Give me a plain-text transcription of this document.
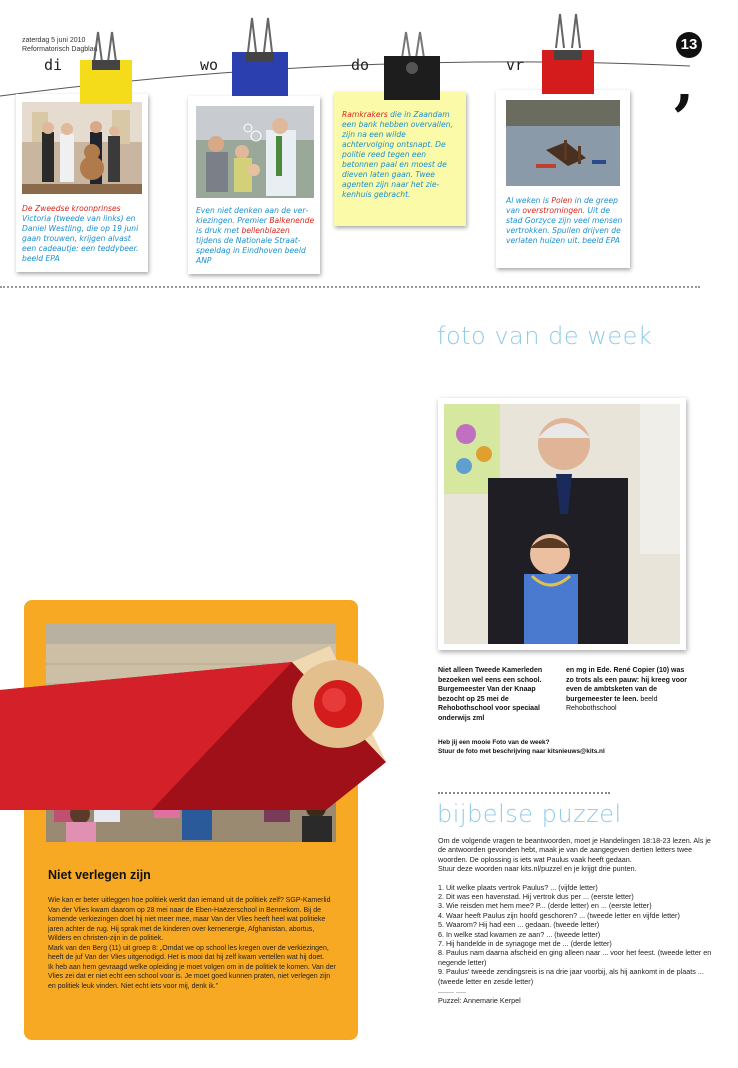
zaterdag 5 juni 2010
Reformatorisch Dagblad	13
,
di	wo	do	vr
De Zweedse kroonprinses Victoria (tweede van links) en Daniel Westling, die op 19 juni gaan trouwen, krijgen alvast een cadeautje: een teddybeer. beeld EPA
Even niet denken aan de verkiezingen. Premier Balkenende is druk met bellenblazen tijdens de Nationale Straatspeeldag in Eindhoven beeld ANP
Ramkrakers die in Zaandam een bank hebben overvallen, zijn na een wilde achtervolging ontsnapt. De politie reed tegen een betonnen paal en moest de dieven laten gaan. Twee agenten zijn naar het ziekenhuis gebracht.
Al weken is Polen in de greep van overstromingen. Uit de stad Gorzyce zijn veel mensen vertrokken. Spullen drijven de verlaten huizen uit. beeld EPA
Niet verlegen zijn
Wie kan er beter uitleggen hoe politiek werkt dan iemand uit de politiek zelf? SGP-Kamerlid Van der Vlies kwam daarom op 28 mei naar de Eben-Haëzerschool in Bennekom. Bij de komende verkiezingen doet hij niet meer mee, maar Van der Vlies heeft heel wat politieke jaren achter de rug. Hij sprak met de kinderen over kernenergie, Afghanistan, abortus, Wilders en christen-zijn in de politiek.
Mark van den Berg (11) uit groep 8: „Omdat we op school les kregen over de verkiezingen, heeft de juf Van der Vlies uitgenodigd. Het is mooi dat hij zelf kwam vertellen wat hij doet.
Ik heb aan hem gevraagd welke opleiding je moet volgen om in de politiek te komen. Van der Vlies zei dat er niet echt een school voor is. Je moet goed kunnen praten, niet verlegen zijn en politiek leuk vinden. Niet echt iets voor mij, denk ik.”
foto van de week
Niet alleen Tweede Kamerleden bezoeken wel eens een school. Burgemeester Van der Knaap bezocht op 25 mei de Rehobothschool voor speciaal onderwijs zml
en mg in Ede. René Copier (10) was zo trots als een pauw: hij kreeg voor even de ambtsketen van de burgemeester te leen. beeld Rehobothschool
Heb jij een mooie Foto van de week?
Stuur de foto met beschrijving naar kitsnieuws@kits.nl
bijbelse puzzel
Om de volgende vragen te beantwoorden, moet je Handelingen 18:18-23 lezen. Als je de antwoorden gevonden hebt, maak je van de aangegeven dertien letters twee woorden. De oplossing is iets wat Paulus vaak heeft gedaan.
Stuur deze woorden naar kits.nl/puzzel en je krijgt drie punten.
1. Uit welke plaats vertrok Paulus? ... (vijfde letter)
2. Dit was een havenstad. Hij vertrok dus per ... (eerste letter)
3. Wie reisden met hem mee? P... (derde letter) en ... (eerste letter)
4. Waar heeft Paulus zijn hoofd geschoren? ... (tweede letter en vijfde letter)
5. Waarom? Hij had een ... gedaan. (tweede letter)
6. In welke stad kwamen ze aan? ... (tweede letter)
7. Hij handelde in de synagoge met de ... (derde letter)
8. Paulus nam daarna afscheid en ging alleen naar ... voor het feest. (tweede letter en negende letter)
9. Paulus’ tweede zendingsreis is na drie jaar voorbij, als hij aankomt in de plaats ... (tweede letter en zesde letter)
........ .....
Puzzel: Annemarie Kerpel
